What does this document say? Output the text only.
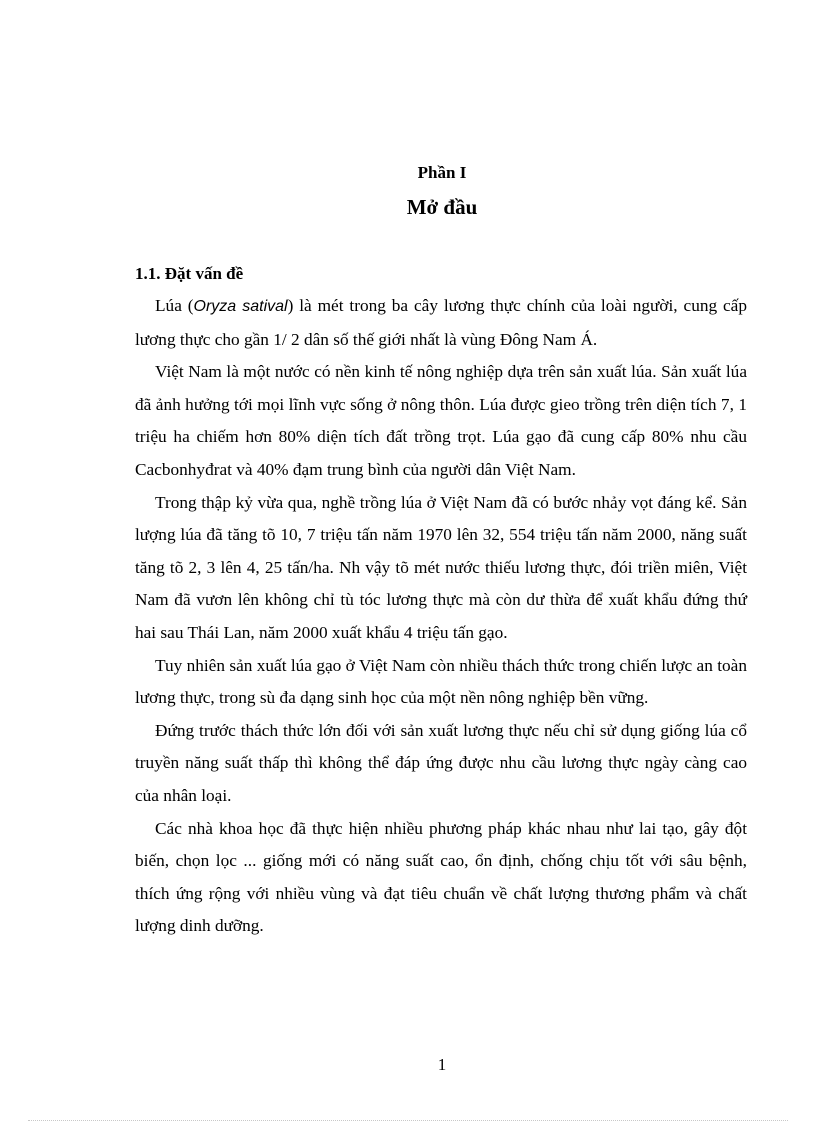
Phần I
Mở đầu
1.1. Đặt vấn đề

Lúa (Oryza satival) là mét trong ba cây lương thực chính của loài người, cung cấp lương thực cho gần 1/ 2 dân số thế giới nhất là vùng Đông Nam Á.

Việt Nam là một nước có nền kinh tế nông nghiệp dựa trên sản xuất lúa. Sản xuất lúa đã ảnh hưởng tới mọi lĩnh vực sống ở nông thôn. Lúa được gieo trồng trên diện tích 7, 1 triệu ha chiếm hơn 80% diện tích đất trồng trọt. Lúa gạo đã cung cấp 80% nhu cầu Cacbonhyđrat và 40% đạm trung bình của người dân Việt Nam.

Trong thập kỷ vừa qua, nghề trồng lúa ở Việt Nam đã có bước nhảy vọt đáng kể. Sản lượng lúa đã tăng tõ 10, 7 triệu tấn năm 1970 lên 32, 554 triệu tấn năm 2000, năng suất tăng tõ 2, 3 lên 4, 25 tấn/ha. Nh vậy tõ mét nước thiếu lương thực, đói triền miên, Việt Nam đã vươn lên không chỉ tù tóc lương thực mà còn dư thừa để xuất khẩu đứng thứ hai sau Thái Lan, năm 2000 xuất khẩu 4 triệu tấn gạo.

Tuy nhiên sản xuất lúa gạo ở Việt Nam còn nhiều thách thức trong chiến lược an toàn lương thực, trong sù đa dạng sinh học của một nền nông nghiệp bền vững.

Đứng trước thách thức lớn đối với sản xuất lương thực nếu chỉ sử dụng giống lúa cổ truyền năng suất thấp thì không thể đáp ứng được nhu cầu lương thực ngày càng cao của nhân loại.

Các nhà khoa học đã thực hiện nhiều phương pháp khác nhau như lai tạo, gây đột biến, chọn lọc ... giống mới có năng suất cao, ổn định, chống chịu tốt với sâu bệnh, thích ứng rộng với nhiều vùng và đạt tiêu chuẩn về chất lượng thương phẩm và chất lượng dinh dưỡng.

1
